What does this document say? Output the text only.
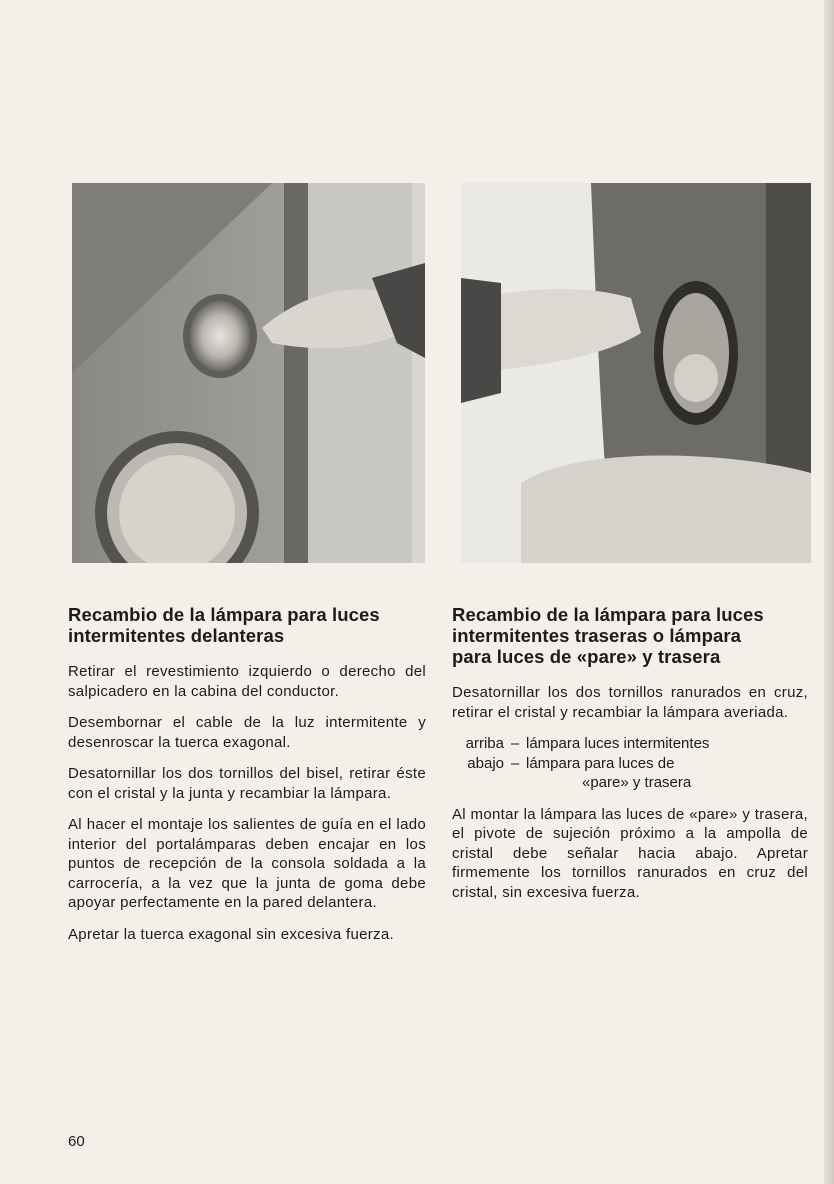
Recambio de la lámpara para luces
intermitentes delanteras

Retirar el revestimiento izquierdo o derecho del salpicadero en la cabina del conductor.

Desembornar el cable de la luz intermitente y desenroscar la tuerca exagonal.

Desatornillar los dos tornillos del bisel, retirar éste con el cristal y la junta y recambiar la lámpara.

Al hacer el montaje los salientes de guía en el lado interior del portalámparas deben encajar en los puntos de recepción de la consola soldada a la carrocería, a la vez que la junta de goma debe apoyar perfectamente en la pared delantera.

Apretar la tuerca exagonal sin excesiva fuerza.

Recambio de la lámpara para luces
intermitentes traseras o lámpara
para luces de «pare» y trasera

Desatornillar los dos tornillos ranurados en cruz, retirar el cristal y recambiar la lámpara averiada.

arriba – lámpara luces intermitentes
abajo – lámpara para luces de
«pare» y trasera

Al montar la lámpara las luces de «pare» y trasera, el pivote de sujeción próximo a la ampolla de cristal debe señalar hacia abajo. Apretar firmemente los tornillos ranurados en cruz del cristal, sin excesiva fuerza.

60
